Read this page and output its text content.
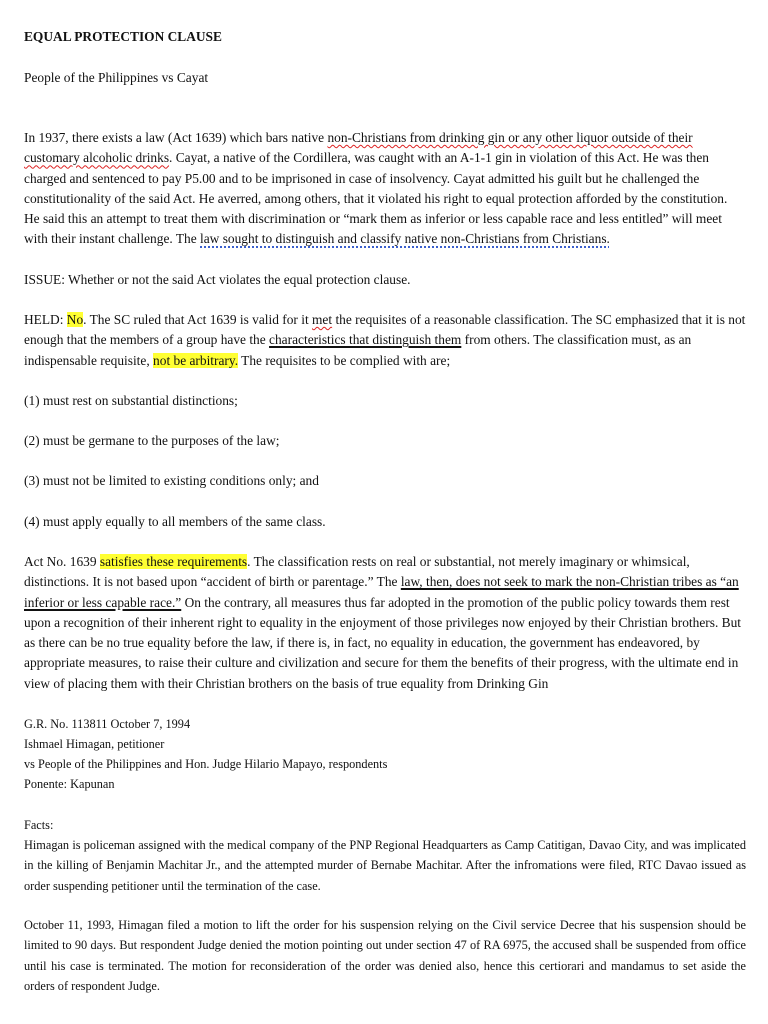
EQUAL PROTECTION CLAUSE

People of the Philippines vs Cayat

In 1937, there exists a law (Act 1639) which bars native non-Christians from drinking gin or any other liquor outside of their customary alcoholic drinks. Cayat, a native of the Cordillera, was caught with an A-1-1 gin in violation of this Act. He was then charged and sentenced to pay P5.00 and to be imprisoned in case of insolvency. Cayat admitted his guilt but he challenged the constitutionality of the said Act. He averred, among others, that it violated his right to equal protection afforded by the constitution. He said this an attempt to treat them with discrimination or “mark them as inferior or less capable race and less entitled” will meet with their instant challenge. The law sought to distinguish and classify native non-Christians from Christians.

ISSUE: Whether or not the said Act violates the equal protection clause.

HELD: No. The SC ruled that Act 1639 is valid for it met the requisites of a reasonable classification. The SC emphasized that it is not enough that the members of a group have the characteristics that distinguish them from others. The classification must, as an indispensable requisite, not be arbitrary. The requisites to be complied with are;

(1) must rest on substantial distinctions;

(2) must be germane to the purposes of the law;

(3) must not be limited to existing conditions only; and

(4) must apply equally to all members of the same class.

Act No. 1639 satisfies these requirements. The classification rests on real or substantial, not merely imaginary or whimsical, distinctions. It is not based upon “accident of birth or parentage.” The law, then, does not seek to mark the non-Christian tribes as “an inferior or less capable race.” On the contrary, all measures thus far adopted in the promotion of the public policy towards them rest upon a recognition of their inherent right to equality in the enjoyment of those privileges now enjoyed by their Christian brothers. But as there can be no true equality before the law, if there is, in fact, no equality in education, the government has endeavored, by appropriate measures, to raise their culture and civilization and secure for them the benefits of their progress, with the ultimate end in view of placing them with their Christian brothers on the basis of true equality from Drinking Gin

G.R. No. 113811 October 7, 1994

Ishmael Himagan, petitioner

vs People of the Philippines and Hon. Judge Hilario Mapayo, respondents

Ponente: Kapunan

Facts:

Himagan is policeman assigned with the medical company of the PNP Regional Headquarters as Camp Catitigan, Davao City, and was implicated in the killing of Benjamin Machitar Jr., and the attempted murder of Bernabe Machitar. After the infromations were filed, RTC Davao issued as order suspending petitioner until the termination of the case.

October 11, 1993, Himagan filed a motion to lift the order for his suspension relying on the Civil service Decree that his suspension should be limited to 90 days. But respondent Judge denied the motion pointing out under section 47 of RA 6975, the accused shall be suspended from office until his case is terminated. The motion for reconsideration of the order was denied also, hence this certiorari and mandamus to set aside the orders of respondent Judge.
